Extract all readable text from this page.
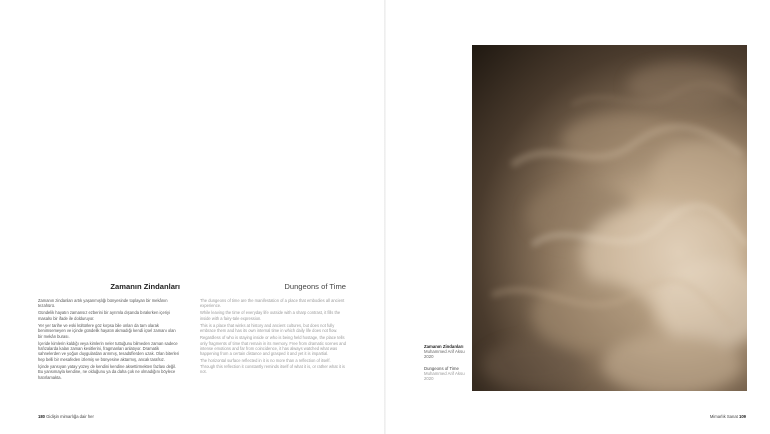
Zamanın Zindanları

Zamanın zindanları artık yaşanmışlığı bünyesinde toplayan bir mekânın tezahürü.

Gündelik hayatın zamansız ezberini bir ayrımla dışarıda bırakırken içeriyi masalsı bir ifade ile dolduruyor.

Yer yer tarihe ve eski kültürlere göz kırpsa bile onları da tam olarak benimsemeyen ve içinde gündelik hayatın akmadığı kendi içsel zamanı olan bir mekân burası.

İçeride kimlerin kaldığı veya kimlerin neler tuttuğunu bilmeden zaman sadece hafızalarda kalan zaman kesitlerini, fragmanları anlatıyor. Dramatik sahnelerden ve yoğun duygulardan arınmış, tesadüflerden uzak. Olan biterleri hep belli bir mesafeden izlemiş ve bünyesine aktarmış, ancak tarafsız.

İçinde yansıyan yatay yüzey de kendini kendine aksettirmekten fazlası değil. Bu yansımayla kendine, ne olduğunu ya da daha çok ne olmadığını böylece hatırlamakta.

Dungeons of Time

The dungeons of time are the manifestation of a place that embodies all ancient experience.

While leaving the time of everyday life outside with a sharp contrast, it fills the inside with a fairy-tale expression.

This is a place that winks at history and ancient cultures, but does not fully embrace them and has its own internal time in which daily life does not flow.

Regardless of who is staying inside or who is being held hostage, the place tells only fragments of time that remain in its memory. Free from dramatic scenes and intense emotions and far from coincidence, it has always watched what was happening from a certain distance and grasped it and yet it is impartial.

The horizontal surface reflected in it is no more than a reflection of itself. Through this reflection it constantly reminds itself of what it is, or rather what it is not.

Zamanın Zindanları
Muhammed Arif Aksu
2020
Dungeons of Time
Muhammed Arif Aksu
2020
180 Gidişin mimarlığa dair her	Mimarlık Sanat 109
